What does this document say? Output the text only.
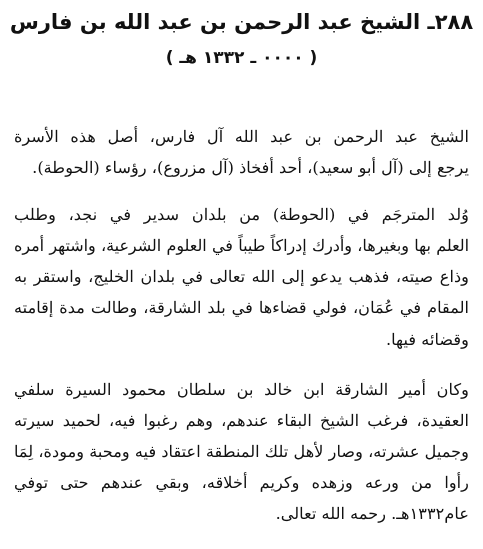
٢٨٨ـ الشيخ عبد الرحمن بن عبد الله بن فارس
( ٠٠٠٠ ـ ١٣٣٢ هـ )
الشيخ عبد الرحمن بن عبد الله آل فارس، أصل هذه الأسرة
يرجع إلى (آل أبو سعيد)، أحد أفخاذ (آل مزروع)، رؤساء (الحوطة).
وُلد المترجَم في (الحوطة) من بلدان سدير في نجد، وطلب
العلم بها وبغيرها، وأدرك إدراكاً طيباً في العلوم الشرعية، واشتهر أمره
وذاع صيته، فذهب يدعو إلى الله تعالى في بلدان الخليج، واستقر به
المقام في عُمَان، فولي قضاءها في بلد الشارقة، وطالت مدة إقامته
وقضائه فيها.
وكان أمير الشارقة ابن خالد بن سلطان محمود السيرة سلفي
العقيدة، فرغب الشيخ البقاء عندهم، وهم رغبوا فيه، لحميد سيرته
وجميل عشرته، وصار لأهل تلك المنطقة اعتقاد فيه ومحبة ومودة، لِمَا
رأوا من ورعه وزهده وكريم أخلاقه، وبقي عندهم حتى توفي
عام١٣٣٢هـ. رحمه الله تعالى.
